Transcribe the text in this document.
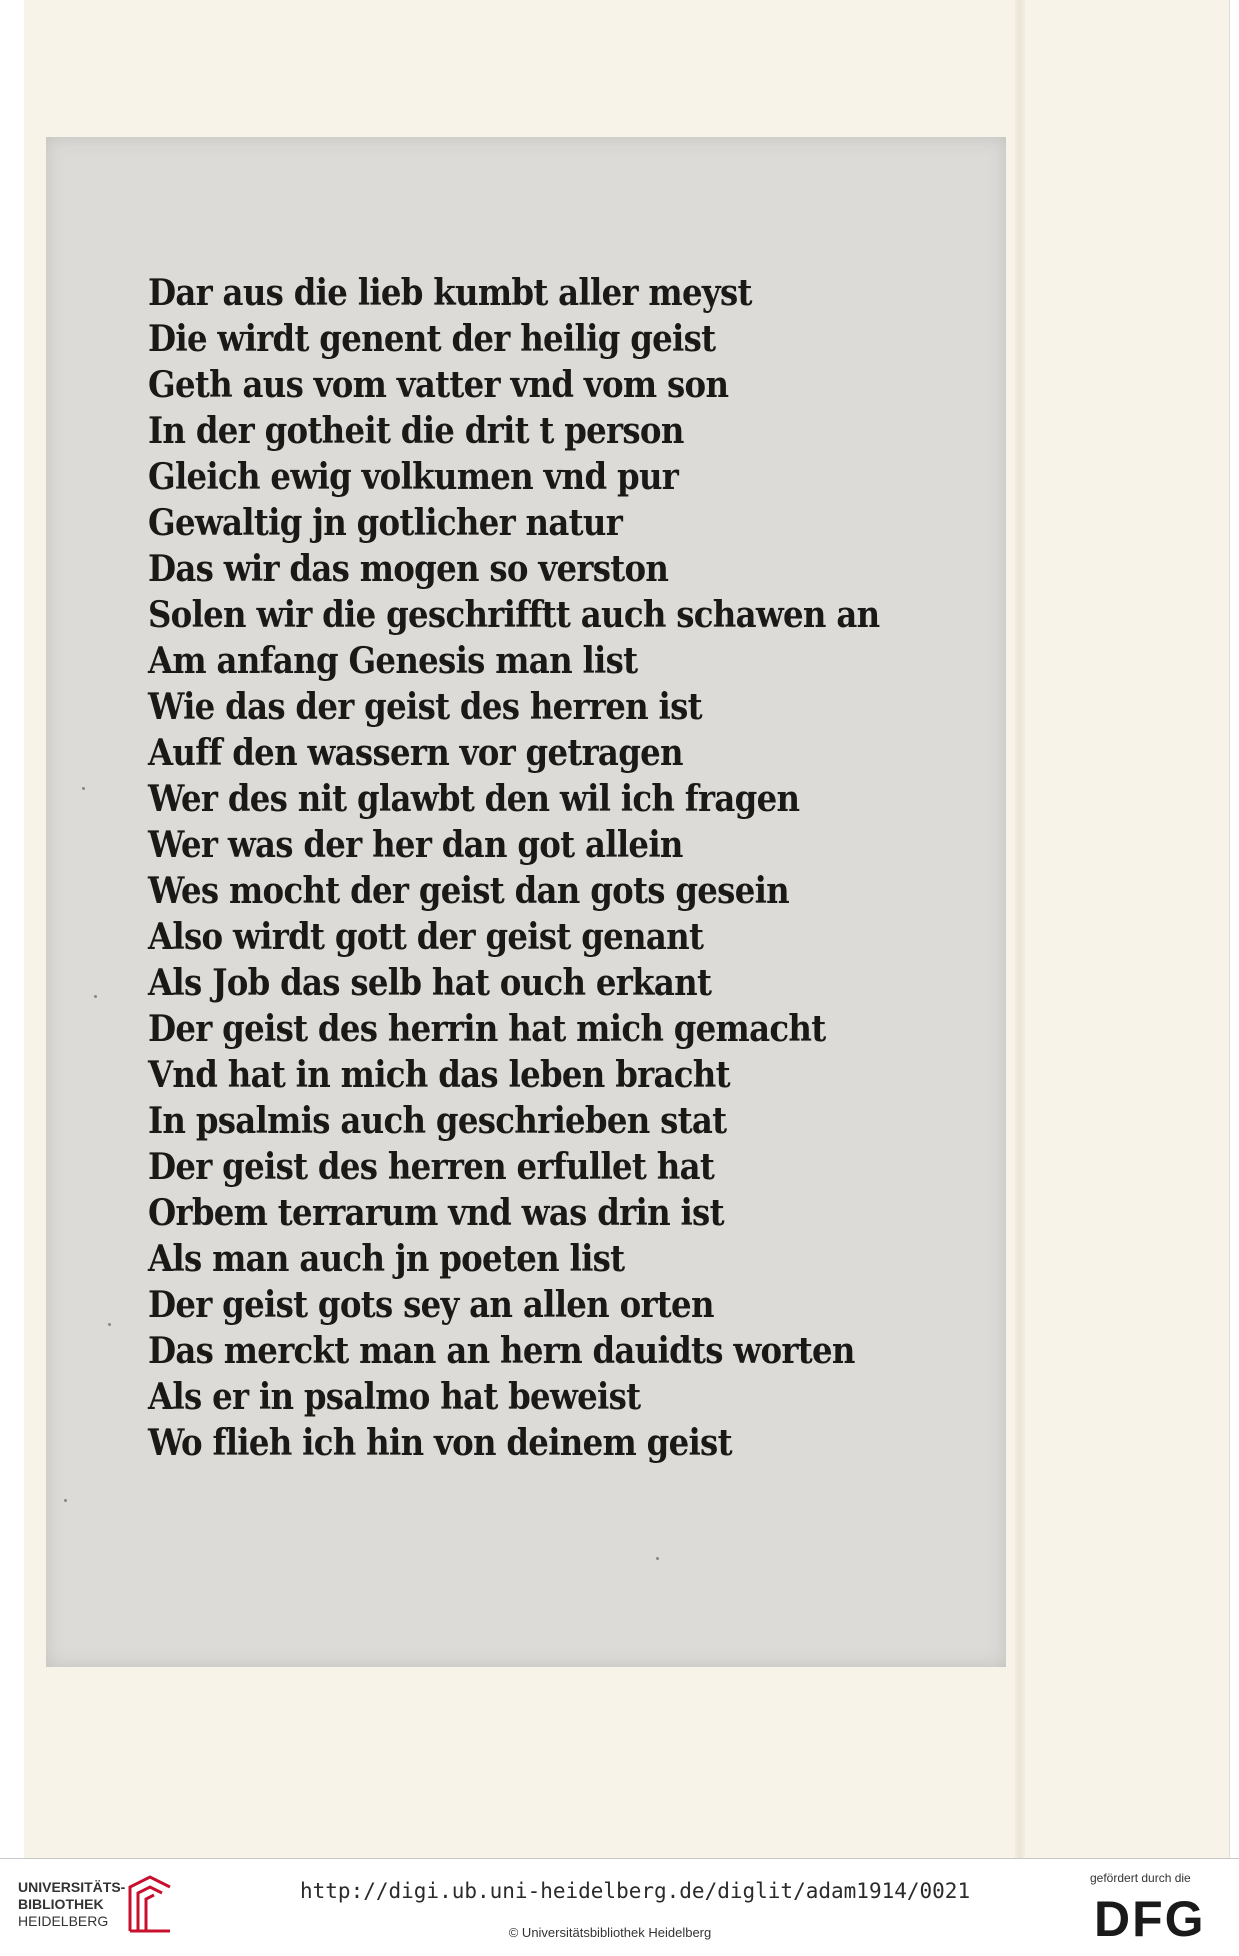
Dar aus die lieb kumbt aller meyst
Die wirdt genent der heilig geist
Geth aus vom vatter vnd vom son
In der gotheit die drit t person
Gleich ewig volkumen vnd pur
Gewaltig jn gotlicher natur
Das wir das mogen so verston
Solen wir die geschrifftt auch schawen an
Am anfang Genesis man list
Wie das der geist des herren ist
Auff den wassern vor getragen
Wer des nit glawbt den wil ich fragen
Wer was der her dan got allein
Wes mocht der geist dan gots gesein
Also wirdt gott der geist genant
Als Job das selb hat ouch erkant
Der geist des herrin hat mich gemacht
Vnd hat in mich das leben bracht
In psalmis auch geschrieben stat
Der geist des herren erfullet hat
Orbem terrarum vnd was drin ist
Als man auch jn poeten list
Der geist gots sey an allen orten
Das merckt man an hern dauidts worten
Als er in psalmo hat beweist
Wo flieh ich hin von deinem geist
UNIVERSITÄTS-
BIBLIOTHEK
HEIDELBERG
http://digi.ub.uni-heidelberg.de/diglit/adam1914/0021
© Universitätsbibliothek Heidelberg
gefördert durch die
DFG
